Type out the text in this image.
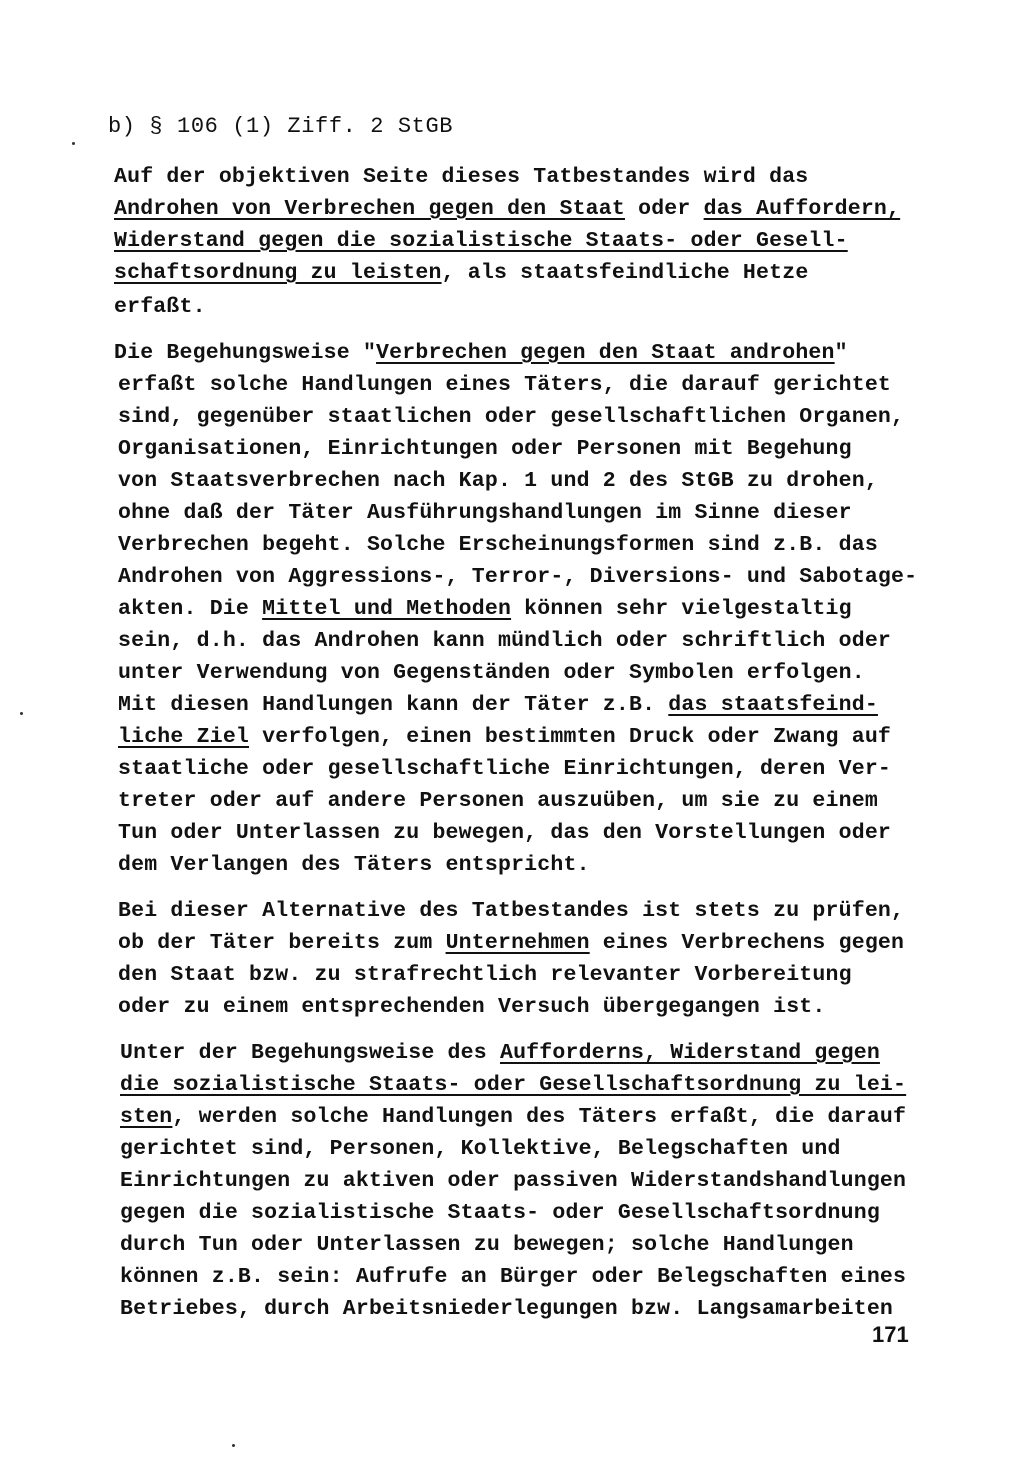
b) § 106 (1) Ziff. 2 StGB

Auf der objektiven Seite dieses Tatbestandes wird das

Androhen von Verbrechen gegen den Staat oder das Auffordern,

Widerstand gegen die sozialistische Staats- oder Gesell-

schaftsordnung zu leisten, als staatsfeindliche Hetze

erfaßt.

Die Begehungsweise "Verbrechen gegen den Staat androhen"

erfaßt solche Handlungen eines Täters, die darauf gerichtet

sind, gegenüber staatlichen oder gesellschaftlichen Organen,

Organisationen, Einrichtungen oder Personen mit Begehung

von Staatsverbrechen nach Kap. 1 und 2 des StGB zu drohen,

ohne daß der Täter Ausführungshandlungen im Sinne dieser

Verbrechen begeht. Solche Erscheinungsformen sind z.B. das

Androhen von Aggressions-, Terror-, Diversions- und Sabotage-

akten. Die Mittel und Methoden können sehr vielgestaltig

sein, d.h. das Androhen kann mündlich oder schriftlich oder

unter Verwendung von Gegenständen oder Symbolen erfolgen.

Mit diesen Handlungen kann der Täter z.B. das staatsfeind-

liche Ziel verfolgen, einen bestimmten Druck oder Zwang auf

staatliche oder gesellschaftliche Einrichtungen, deren Ver-

treter oder auf andere Personen auszuüben, um sie zu einem

Tun oder Unterlassen zu bewegen, das den Vorstellungen oder

dem Verlangen des Täters entspricht.

Bei dieser Alternative des Tatbestandes ist stets zu prüfen,

ob der Täter bereits zum Unternehmen eines Verbrechens gegen

den Staat bzw. zu strafrechtlich relevanter Vorbereitung

oder zu einem entsprechenden Versuch übergegangen ist.

Unter der Begehungsweise des Aufforderns, Widerstand gegen

die sozialistische Staats- oder Gesellschaftsordnung zu lei-

sten, werden solche Handlungen des Täters erfaßt, die darauf

gerichtet sind, Personen, Kollektive, Belegschaften und

Einrichtungen zu aktiven oder passiven Widerstandshandlungen

gegen die sozialistische Staats- oder Gesellschaftsordnung

durch Tun oder Unterlassen zu bewegen; solche Handlungen

können z.B. sein: Aufrufe an Bürger oder Belegschaften eines

Betriebes, durch Arbeitsniederlegungen bzw. Langsamarbeiten

171
